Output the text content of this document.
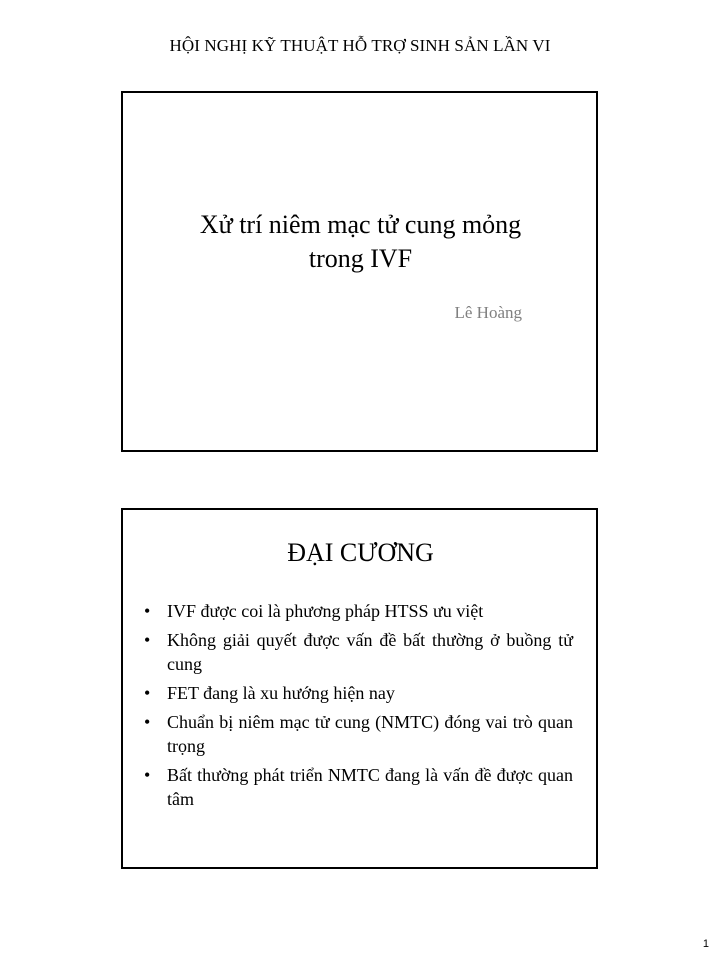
HỘI NGHỊ KỸ THUẬT HỖ TRỢ SINH SẢN LẦN VI
Xử trí niêm mạc tử cung mỏng
trong IVF
Lê Hoàng
ĐẠI CƯƠNG
• IVF được coi là phương pháp HTSS ưu việt
• Không giải quyết được vấn đề bất thường ở buồng tử cung
• FET đang là xu hướng hiện nay
• Chuẩn bị niêm mạc tử cung (NMTC) đóng vai trò quan trọng
• Bất thường phát triển NMTC đang là vấn đề được quan tâm
1
